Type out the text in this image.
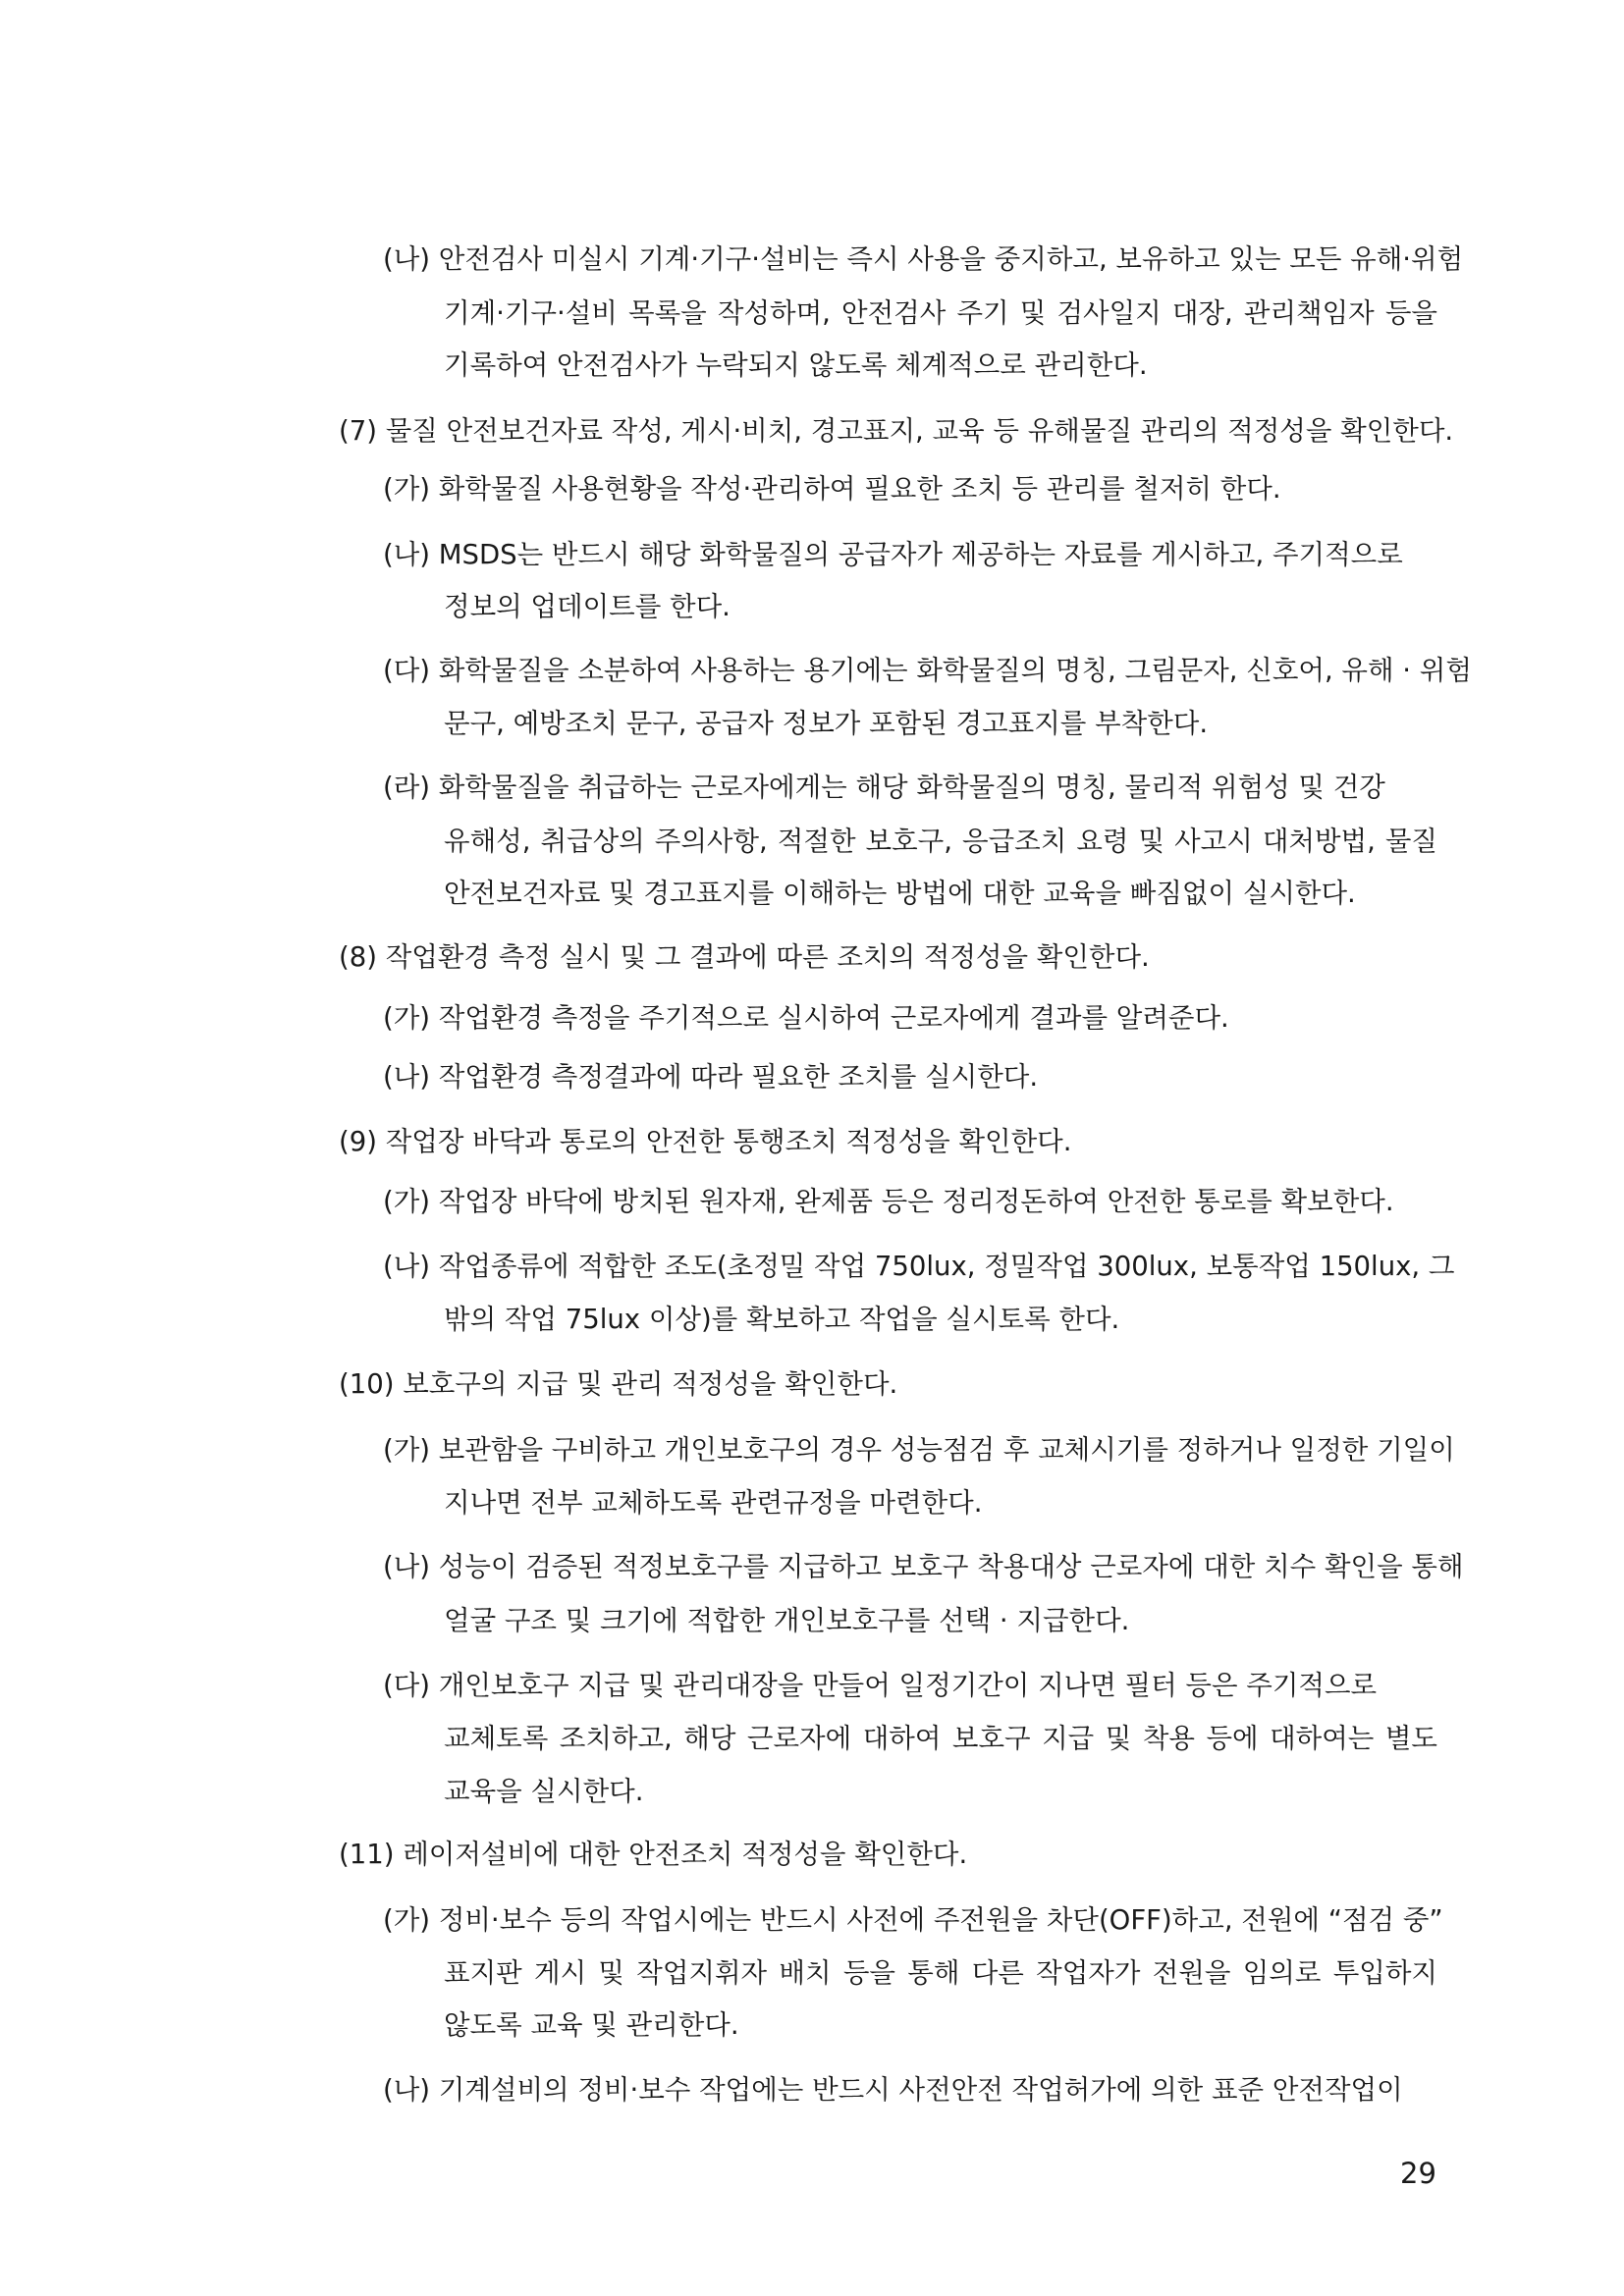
(나) 안전검사 미실시 기계·기구·설비는 즉시 사용을 중지하고, 보유하고 있는 모든 유해·위험
기계·기구·설비 목록을 작성하며, 안전검사 주기 및 검사일지 대장, 관리책임자 등을
기록하여 안전검사가 누락되지 않도록 체계적으로 관리한다.
(7) 물질 안전보건자료 작성, 게시·비치, 경고표지, 교육 등 유해물질 관리의 적정성을 확인한다.
(가) 화학물질 사용현황을 작성·관리하여 필요한 조치 등 관리를 철저히 한다.
(나) MSDS는 반드시 해당 화학물질의 공급자가 제공하는 자료를 게시하고, 주기적으로
정보의 업데이트를 한다.
(다) 화학물질을 소분하여 사용하는 용기에는 화학물질의 명칭, 그림문자, 신호어, 유해 · 위험
문구, 예방조치 문구, 공급자 정보가 포함된 경고표지를 부착한다.
(라) 화학물질을 취급하는 근로자에게는 해당 화학물질의 명칭, 물리적 위험성 및 건강
유해성, 취급상의 주의사항, 적절한 보호구, 응급조치 요령 및 사고시 대처방법, 물질
안전보건자료 및 경고표지를 이해하는 방법에 대한 교육을 빠짐없이 실시한다.
(8) 작업환경 측정 실시 및 그 결과에 따른 조치의 적정성을 확인한다.
(가) 작업환경 측정을 주기적으로 실시하여 근로자에게 결과를 알려준다.
(나) 작업환경 측정결과에 따라 필요한 조치를 실시한다.
(9) 작업장 바닥과 통로의 안전한 통행조치 적정성을 확인한다.
(가) 작업장 바닥에 방치된 원자재, 완제품 등은 정리정돈하여 안전한 통로를 확보한다.
(나) 작업종류에 적합한 조도(초정밀 작업 750lux, 정밀작업 300lux, 보통작업 150lux, 그
밖의 작업 75lux 이상)를 확보하고 작업을 실시토록 한다.
(10) 보호구의 지급 및 관리 적정성을 확인한다.
(가) 보관함을 구비하고 개인보호구의 경우 성능점검 후 교체시기를 정하거나 일정한 기일이
지나면 전부 교체하도록 관련규정을 마련한다.
(나) 성능이 검증된 적정보호구를 지급하고 보호구 착용대상 근로자에 대한 치수 확인을 통해
얼굴 구조 및 크기에 적합한 개인보호구를 선택 · 지급한다.
(다) 개인보호구 지급 및 관리대장을 만들어 일정기간이 지나면 필터 등은 주기적으로
교체토록 조치하고, 해당 근로자에 대하여 보호구 지급 및 착용 등에 대하여는 별도
교육을 실시한다.
(11) 레이저설비에 대한 안전조치 적정성을 확인한다.
(가) 정비·보수 등의 작업시에는 반드시 사전에 주전원을 차단(OFF)하고, 전원에 “점검 중”
표지판 게시 및 작업지휘자 배치 등을 통해 다른 작업자가 전원을 임의로 투입하지
않도록 교육 및 관리한다.
(나) 기계설비의 정비·보수 작업에는 반드시 사전안전 작업허가에 의한 표준 안전작업이
29
